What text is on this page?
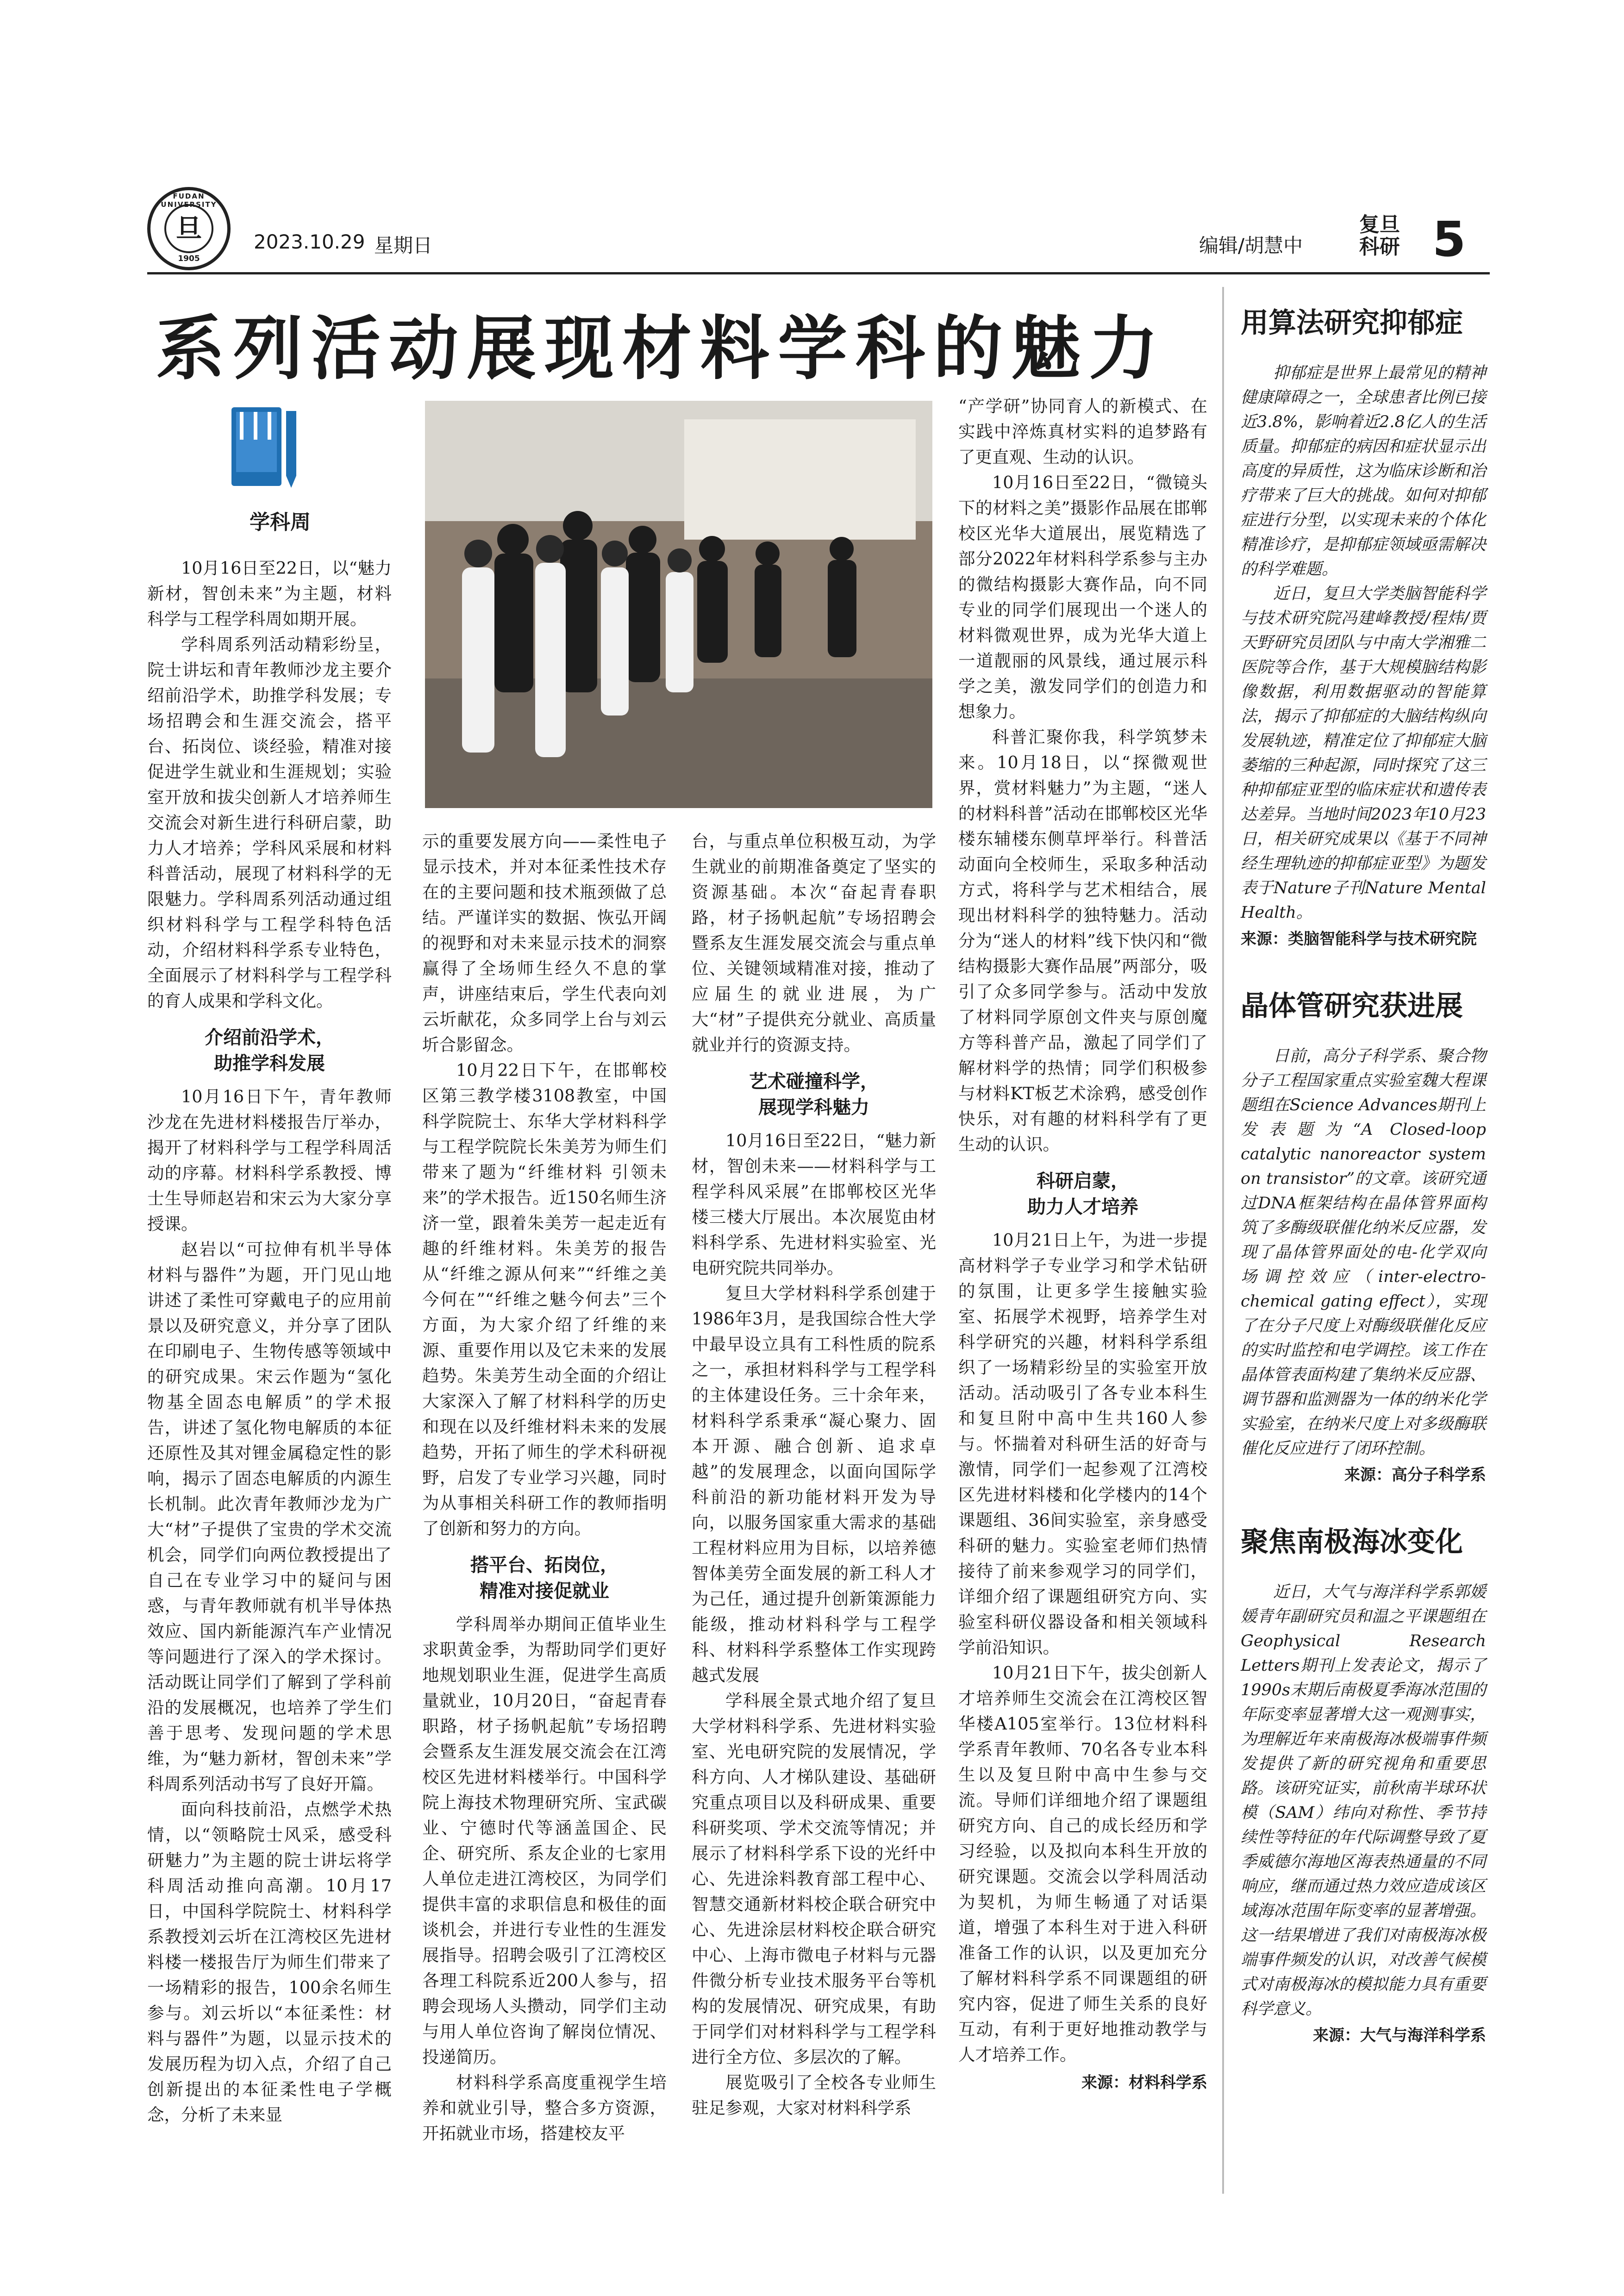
FUDAN UNIVERSITY
旦
1905
2023.10.29 星期日	编辑/胡慧中
复旦
科研 5
系列活动展现材料学科的魅力
学科周

10月16日至22日，以“魅力新材，智创未来”为主题，材料科学与工程学科周如期开展。

学科周系列活动精彩纷呈，院士讲坛和青年教师沙龙主要介绍前沿学术，助推学科发展；专场招聘会和生涯交流会，搭平台、拓岗位、谈经验，精准对接促进学生就业和生涯规划；实验室开放和拔尖创新人才培养师生交流会对新生进行科研启蒙，助力人才培养；学科风采展和材料科普活动，展现了材料科学的无限魅力。学科周系列活动通过组织材料科学与工程学科特色活动，介绍材料科学系专业特色，全面展示了材料科学与工程学科的育人成果和学科文化。

介绍前沿学术，
助推学科发展

10月16日下午，青年教师沙龙在先进材料楼报告厅举办，揭开了材料科学与工程学科周活动的序幕。材料科学系教授、博士生导师赵岩和宋云为大家分享授课。

赵岩以“可拉伸有机半导体材料与器件”为题，开门见山地讲述了柔性可穿戴电子的应用前景以及研究意义，并分享了团队在印刷电子、生物传感等领域中的研究成果。宋云作题为“氢化物基全固态电解质”的学术报告，讲述了氢化物电解质的本征还原性及其对锂金属稳定性的影响，揭示了固态电解质的内源生长机制。此次青年教师沙龙为广大“材”子提供了宝贵的学术交流机会，同学们向两位教授提出了自己在专业学习中的疑问与困惑，与青年教师就有机半导体热效应、国内新能源汽车产业情况等问题进行了深入的学术探讨。活动既让同学们了解到了学科前沿的发展概况，也培养了学生们善于思考、发现问题的学术思维，为“魅力新材，智创未来”学科周系列活动书写了良好开篇。

面向科技前沿，点燃学术热情，以“领略院士风采，感受科研魅力”为主题的院士讲坛将学科周活动推向高潮。10月17日，中国科学院院士、材料科学系教授刘云圻在江湾校区先进材料楼一楼报告厅为师生们带来了一场精彩的报告，100余名师生参与。刘云圻以“本征柔性：材料与器件”为题，以显示技术的发展历程为切入点，介绍了自己创新提出的本征柔性电子学概念，分析了未来显

示的重要发展方向——柔性电子显示技术，并对本征柔性技术存在的主要问题和技术瓶颈做了总结。严谨详实的数据、恢弘开阔的视野和对未来显示技术的洞察赢得了全场师生经久不息的掌声，讲座结束后，学生代表向刘云圻献花，众多同学上台与刘云圻合影留念。

10月22日下午，在邯郸校区第三教学楼3108教室，中国科学院院士、东华大学材料科学与工程学院院长朱美芳为师生们带来了题为“纤维材料 引领未来”的学术报告。近150名师生济济一堂，跟着朱美芳一起走近有趣的纤维材料。朱美芳的报告从“纤维之源从何来”“纤维之美今何在”“纤维之魅今何去”三个方面，为大家介绍了纤维的来源、重要作用以及它未来的发展趋势。朱美芳生动全面的介绍让大家深入了解了材料科学的历史和现在以及纤维材料未来的发展趋势，开拓了师生的学术科研视野，启发了专业学习兴趣，同时为从事相关科研工作的教师指明了创新和努力的方向。

搭平台、拓岗位，
精准对接促就业

学科周举办期间正值毕业生求职黄金季，为帮助同学们更好地规划职业生涯，促进学生高质量就业，10月20日，“奋起青春职路，材子扬帆起航”专场招聘会暨系友生涯发展交流会在江湾校区先进材料楼举行。中国科学院上海技术物理研究所、宝武碳业、宁德时代等涵盖国企、民企、研究所、系友企业的七家用人单位走进江湾校区，为同学们提供丰富的求职信息和极佳的面谈机会，并进行专业性的生涯发展指导。招聘会吸引了江湾校区各理工科院系近200人参与，招聘会现场人头攒动，同学们主动与用人单位咨询了解岗位情况、投递简历。

材料科学系高度重视学生培养和就业引导，整合多方资源，开拓就业市场，搭建校友平

台，与重点单位积极互动，为学生就业的前期准备奠定了坚实的资源基础。本次“奋起青春职路，材子扬帆起航”专场招聘会暨系友生涯发展交流会与重点单位、关键领域精准对接，推动了应届生的就业进展，为广大“材”子提供充分就业、高质量就业并行的资源支持。

艺术碰撞科学，
展现学科魅力

10月16日至22日，“魅力新材，智创未来——材料科学与工程学科风采展”在邯郸校区光华楼三楼大厅展出。本次展览由材料科学系、先进材料实验室、光电研究院共同举办。

复旦大学材料科学系创建于1986年3月，是我国综合性大学中最早设立具有工科性质的院系之一，承担材料科学与工程学科的主体建设任务。三十余年来，材料科学系秉承“凝心聚力、固本开源、融合创新、追求卓越”的发展理念，以面向国际学科前沿的新功能材料开发为导向，以服务国家重大需求的基础工程材料应用为目标，以培养德智体美劳全面发展的新工科人才为己任，通过提升创新策源能力能级，推动材料科学与工程学科、材料科学系整体工作实现跨越式发展

学科展全景式地介绍了复旦大学材料科学系、先进材料实验室、光电研究院的发展情况，学科方向、人才梯队建设、基础研究重点项目以及科研成果、重要科研奖项、学术交流等情况；并展示了材料科学系下设的光纤中心、先进涂料教育部工程中心、智慧交通新材料校企联合研究中心、先进涂层材料校企联合研究中心、上海市微电子材料与元器件微分析专业技术服务平台等机构的发展情况、研究成果，有助于同学们对材料科学与工程学科进行全方位、多层次的了解。

展览吸引了全校各专业师生驻足参观，大家对材料科学系

“产学研”协同育人的新模式、在实践中淬炼真材实料的追梦路有了更直观、生动的认识。

10月16日至22日，“微镜头下的材料之美”摄影作品展在邯郸校区光华大道展出，展览精选了部分2022年材料科学系参与主办的微结构摄影大赛作品，向不同专业的同学们展现出一个迷人的材料微观世界，成为光华大道上一道靓丽的风景线，通过展示科学之美，激发同学们的创造力和想象力。

科普汇聚你我，科学筑梦未来。10月18日，以“探微观世界，赏材料魅力”为主题，“迷人的材料科普”活动在邯郸校区光华楼东辅楼东侧草坪举行。科普活动面向全校师生，采取多种活动方式，将科学与艺术相结合，展现出材料科学的独特魅力。活动分为“迷人的材料”线下快闪和“微结构摄影大赛作品展”两部分，吸引了众多同学参与。活动中发放了材料同学原创文件夹与原创魔方等科普产品，激起了同学们了解材料学的热情；同学们积极参与材料KT板艺术涂鸦，感受创作快乐，对有趣的材料科学有了更生动的认识。

科研启蒙，
助力人才培养

10月21日上午，为进一步提高材料学子专业学习和学术钻研的氛围，让更多学生接触实验室、拓展学术视野，培养学生对科学研究的兴趣，材料科学系组织了一场精彩纷呈的实验室开放活动。活动吸引了各专业本科生和复旦附中高中生共160人参与。怀揣着对科研生活的好奇与激情，同学们一起参观了江湾校区先进材料楼和化学楼内的14个课题组、36间实验室，亲身感受科研的魅力。实验室老师们热情接待了前来参观学习的同学们，详细介绍了课题组研究方向、实验室科研仪器设备和相关领域科学前沿知识。

10月21日下午，拔尖创新人才培养师生交流会在江湾校区智华楼A105室举行。13位材料科学系青年教师、70名各专业本科生以及复旦附中高中生参与交流。导师们详细地介绍了课题组研究方向、自己的成长经历和学习经验，以及拟向本科生开放的研究课题。交流会以学科周活动为契机，为师生畅通了对话渠道，增强了本科生对于进入科研准备工作的认识，以及更加充分了解材料科学系不同课题组的研究内容，促进了师生关系的良好互动，有利于更好地推动教学与人才培养工作。

来源：材料科学系
用算法研究抑郁症

抑郁症是世界上最常见的精神健康障碍之一，全球患者比例已接近3.8%，影响着近2.8亿人的生活质量。抑郁症的病因和症状显示出高度的异质性，这为临床诊断和治疗带来了巨大的挑战。如何对抑郁症进行分型，以实现未来的个体化精准诊疗，是抑郁症领域亟需解决的科学难题。

近日，复旦大学类脑智能科学与技术研究院冯建峰教授/程炜/贾天野研究员团队与中南大学湘雅二医院等合作，基于大规模脑结构影像数据，利用数据驱动的智能算法，揭示了抑郁症的大脑结构纵向发展轨迹，精准定位了抑郁症大脑萎缩的三种起源，同时探究了这三种抑郁症亚型的临床症状和遗传表达差异。当地时间2023年10月23日，相关研究成果以《基于不同神经生理轨迹的抑郁症亚型》为题发表于Nature子刊Nature Mental Health。

来源：类脑智能科学与技术研究院
晶体管研究获进展

日前，高分子科学系、聚合物分子工程国家重点实验室魏大程课题组在Science Advances期刊上发表题为“A Closed-loop catalytic nanoreactor system on transistor”的文章。该研究通过DNA框架结构在晶体管界面构筑了多酶级联催化纳米反应器，发现了晶体管界面处的电-化学双向场调控效应（inter-electro-chemical gating effect），实现了在分子尺度上对酶级联催化反应的实时监控和电学调控。该工作在晶体管表面构建了集纳米反应器、调节器和监测器为一体的纳米化学实验室，在纳米尺度上对多级酶联催化反应进行了闭环控制。

来源：高分子科学系
聚焦南极海冰变化

近日，大气与海洋科学系郭媛媛青年副研究员和温之平课题组在Geophysical Research Letters期刊上发表论文，揭示了1990s末期后南极夏季海冰范围的年际变率显著增大这一观测事实，为理解近年来南极海冰极端事件频发提供了新的研究视角和重要思路。该研究证实，前秋南半球环状模（SAM）纬向对称性、季节持续性等特征的年代际调整导致了夏季威德尔海地区海表热通量的不同响应，继而通过热力效应造成该区域海冰范围年际变率的显著增强。这一结果增进了我们对南极海冰极端事件频发的认识，对改善气候模式对南极海冰的模拟能力具有重要科学意义。

来源：大气与海洋科学系
